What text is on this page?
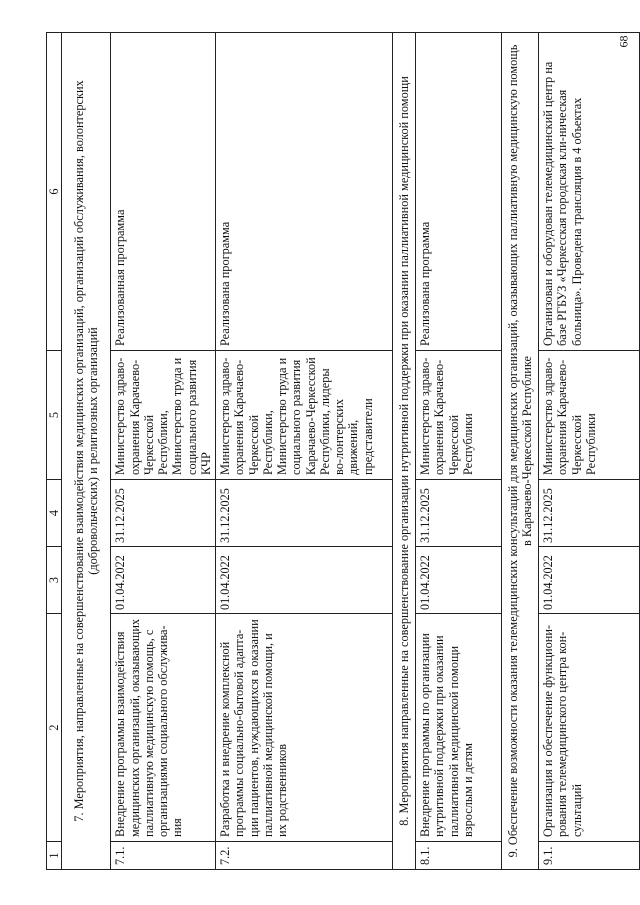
68
1	2	3	4	5	6
7. Мероприятия, направленные на совершенствование взаимодействия медицинских организаций, организаций обслуживания, волонтерских (добровольческих) и религиозных организаций					
7.1.	Внедрение программы взаимодействия медицинских организаций, оказывающих паллиативную медицинскую помощь, с организациями социального обслужива-ния	01.04.2022	31.12.2025	Министерство здраво-охранения Карачаево-Черкесской Республики, Министерство труда и социального развития КЧР	Реализованная программа
7.2.	Разработка и внедрение комплексной программы социально-бытовой адапта-ции пациентов, нуждающихся в оказании паллиативной медицинской помощи, и их родственников	01.04.2022	31.12.2025	Министерство здраво-охранения Карачаево-Черкесской Республики, Министерство труда и социального развития Карачаево-Черкесской Республики, лидеры во-лонтерских движений, представители	Реализована программа
8. Мероприятия направленные на совершенствование организации нутритивной поддержки при оказании паллиативной медицинской помощи					
8.1.	Внедрение программы по организации нутритивной поддержки при оказании паллиативной медицинской помощи взрослым и детям	01.04.2022	31.12.2025	Министерство здраво-охранения Карачаево-Черкесской Республики	Реализована программа
9. Обеспечение возможности оказания телемедицинских консультаций для медицинских организаций, оказывающих паллиативную медицинскую помощь в Карачаево-Черкесской Республике					
9.1.	Организация и обеспечение функциони-рования телемедицинского центра кон-сультаций	01.04.2022	31.12.2025	Министерство здраво-охранения Карачаево-Черкесской Республики	Организован и оборудован телемедицинский центр на базе РГБУЗ «Черкесская городская кли-ническая больница». Проведена трансляция в 4 объектах
